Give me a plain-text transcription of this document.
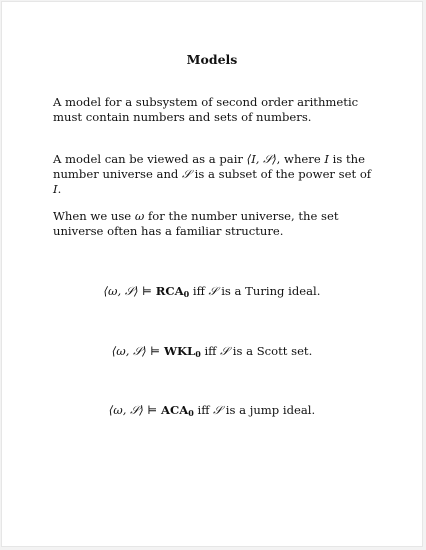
Models

A model for a subsystem of second order arithmetic must contain numbers and sets of numbers.

A model can be viewed as a pair ⟨I, 𝒮⟩, where I is the number universe and 𝒮 is a subset of the power set of I.

When we use ω for the number universe, the set universe often has a familiar structure.

⟨ω, 𝒮⟩ ⊨ $RCA_0$ iff 𝒮 is a Turing ideal.
⟨ω, 𝒮⟩ ⊨ $WKL_0$ iff 𝒮 is a Scott set.
⟨ω, 𝒮⟩ ⊨ $ACA_0$ iff 𝒮 is a jump ideal.
